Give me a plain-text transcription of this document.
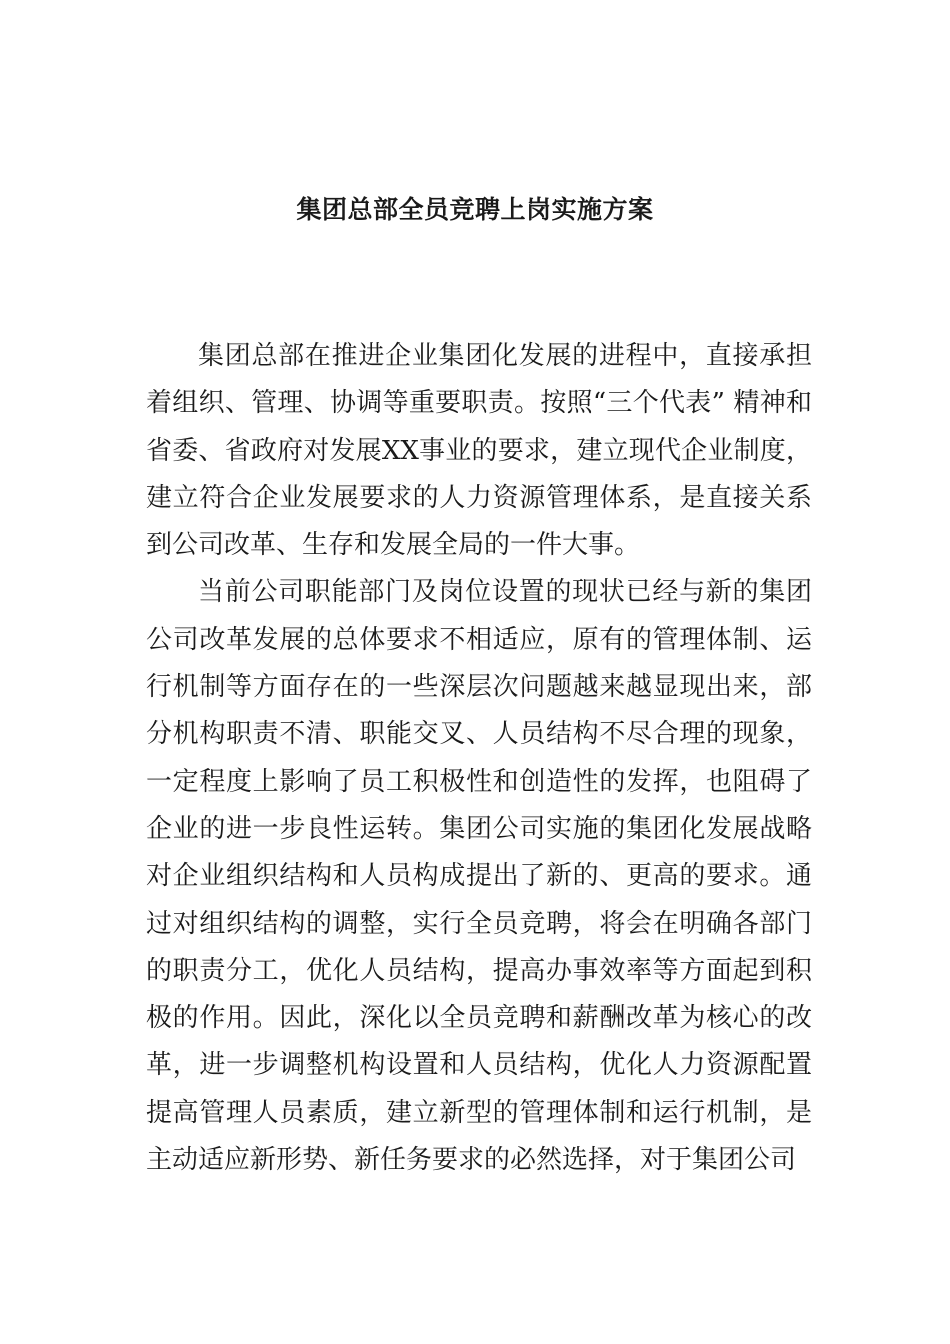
集团总部全员竞聘上岗实施方案

集团总部在推进企业集团化发展的进程中，直接承担着组织、管理、协调等重要职责。按照“三个代表” 精神和省委、省政府对发展XX事业的要求，建立现代企业制度，建立符合企业发展要求的人力资源管理体系，是直接关系到公司改革、生存和发展全局的一件大事。

当前公司职能部门及岗位设置的现状已经与新的集团公司改革发展的总体要求不相适应，原有的管理体制、运行机制等方面存在的一些深层次问题越来越显现出来，部分机构职责不清、职能交叉、人员结构不尽合理的现象，一定程度上影响了员工积极性和创造性的发挥，也阻碍了企业的进一步良性运转。集团公司实施的集团化发展战略对企业组织结构和人员构成提出了新的、更高的要求。通过对组织结构的调整，实行全员竞聘，将会在明确各部门的职责分工，优化人员结构，提高办事效率等方面起到积极的作用。因此，深化以全员竞聘和薪酬改革为核心的改革，进一步调整机构设置和人员结构，优化人力资源配置提高管理人员素质，建立新型的管理体制和运行机制，是主动适应新形势、新任务要求的必然选择，对于集团公司
